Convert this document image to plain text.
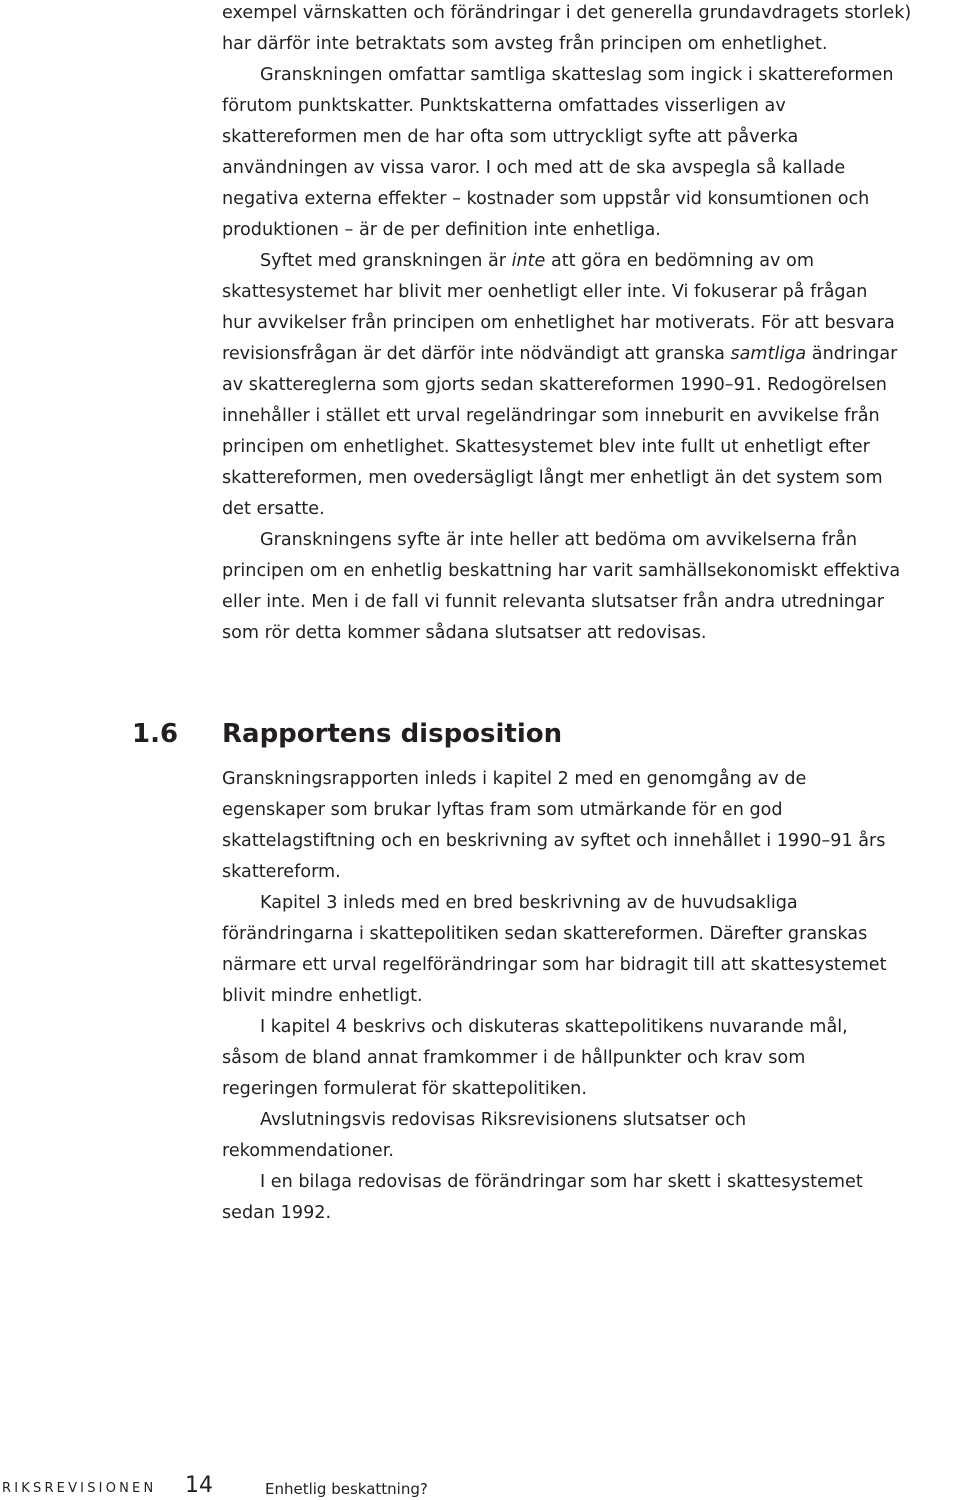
exempel värnskatten och förändringar i det generella grundavdragets storlek)
har därför inte betraktats som avsteg från principen om enhetlighet.
Granskningen omfattar samtliga skatteslag som ingick i skattereformen
förutom punktskatter. Punktskatterna omfattades visserligen av
skattereformen men de har ofta som uttryckligt syfte att påverka
användningen av vissa varor. I och med att de ska avspegla så kallade
negativa externa effekter – kostnader som uppstår vid konsumtionen och
produktionen – är de per definition inte enhetliga.
Syftet med granskningen är inte att göra en bedömning av om
skattesystemet har blivit mer oenhetligt eller inte. Vi fokuserar på frågan
hur avvikelser från principen om enhetlighet har motiverats. För att besvara
revisionsfrågan är det därför inte nödvändigt att granska samtliga ändringar
av skattereglerna som gjorts sedan skattereformen 1990–91. Redogörelsen
innehåller i stället ett urval regeländringar som inneburit en avvikelse från
principen om enhetlighet. Skattesystemet blev inte fullt ut enhetligt efter
skattereformen, men ovedersägligt långt mer enhetligt än det system som
det ersatte.
Granskningens syfte är inte heller att bedöma om avvikelserna från
principen om en enhetlig beskattning har varit samhällsekonomiskt effektiva
eller inte. Men i de fall vi funnit relevanta slutsatser från andra utredningar
som rör detta kommer sådana slutsatser att redovisas.
1.6 Rapportens disposition
Granskningsrapporten inleds i kapitel 2 med en genomgång av de
egenskaper som brukar lyftas fram som utmärkande för en god
skattelagstiftning och en beskrivning av syftet och innehållet i 1990–91 års
skattereform.
Kapitel 3 inleds med en bred beskrivning av de huvudsakliga
förändringarna i skattepolitiken sedan skattereformen. Därefter granskas
närmare ett urval regelförändringar som har bidragit till att skattesystemet
blivit mindre enhetligt.
I kapitel 4 beskrivs och diskuteras skattepolitikens nuvarande mål,
såsom de bland annat framkommer i de hållpunkter och krav som
regeringen formulerat för skattepolitiken.
Avslutningsvis redovisas Riksrevisionens slutsatser och
rekommendationer.
I en bilaga redovisas de förändringar som har skett i skattesystemet
sedan 1992.
RIKSREVISIONEN 14	Enhetlig beskattning?
